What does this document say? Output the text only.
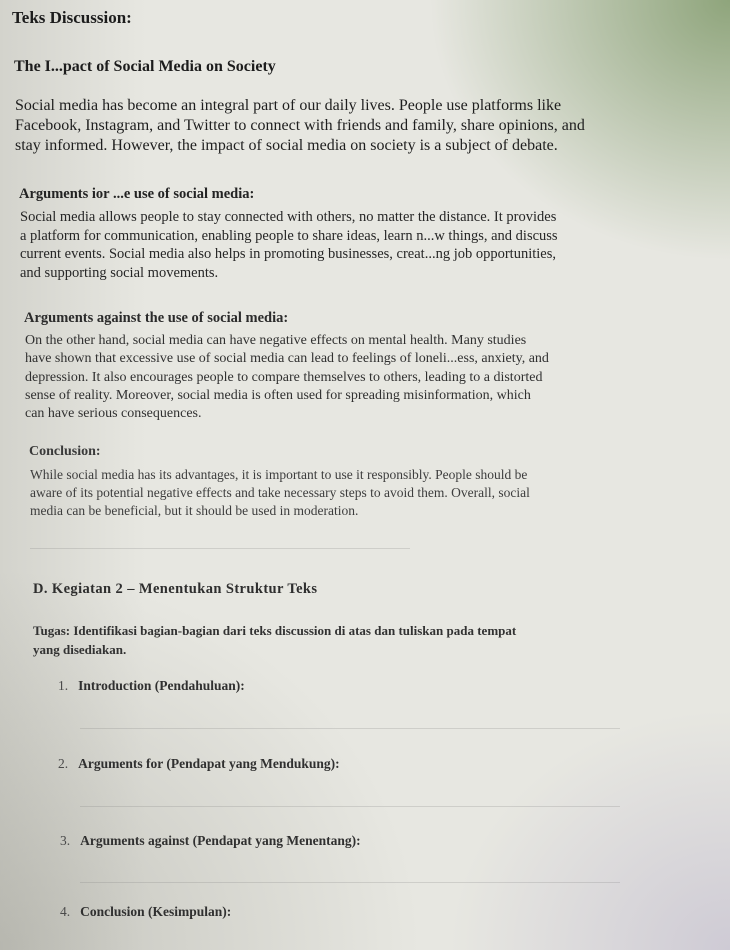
Teks Discussion:
The I...pact of Social Media on Society
Social media has become an integral part of our daily lives. People use platforms like
Facebook, Instagram, and Twitter to connect with friends and family, share opinions, and
stay informed. However, the impact of social media on society is a subject of debate.
Arguments ior ...e use of social media:
Social media allows people to stay connected with others, no matter the distance. It provides
a platform for communication, enabling people to share ideas, learn n...w things, and discuss
current events. Social media also helps in promoting businesses, creat...ng job opportunities,
and supporting social movements.
Arguments against the use of social media:
On the other hand, social media can have negative effects on mental health. Many studies
have shown that excessive use of social media can lead to feelings of loneli...ess, anxiety, and
depression. It also encourages people to compare themselves to others, leading to a distorted
sense of reality. Moreover, social media is often used for spreading misinformation, which
can have serious consequences.
Conclusion:
While social media has its advantages, it is important to use it responsibly. People should be
aware of its potential negative effects and take necessary steps to avoid them. Overall, social
media can be beneficial, but it should be used in moderation.
D. Kegiatan 2 – Menentukan Struktur Teks
Tugas: Identifikasi bagian-bagian dari teks discussion di atas dan tuliskan pada tempat
yang disediakan.
1. Introduction (Pendahuluan):
2. Arguments for (Pendapat yang Mendukung):
3. Arguments against (Pendapat yang Menentang):
4. Conclusion (Kesimpulan):
